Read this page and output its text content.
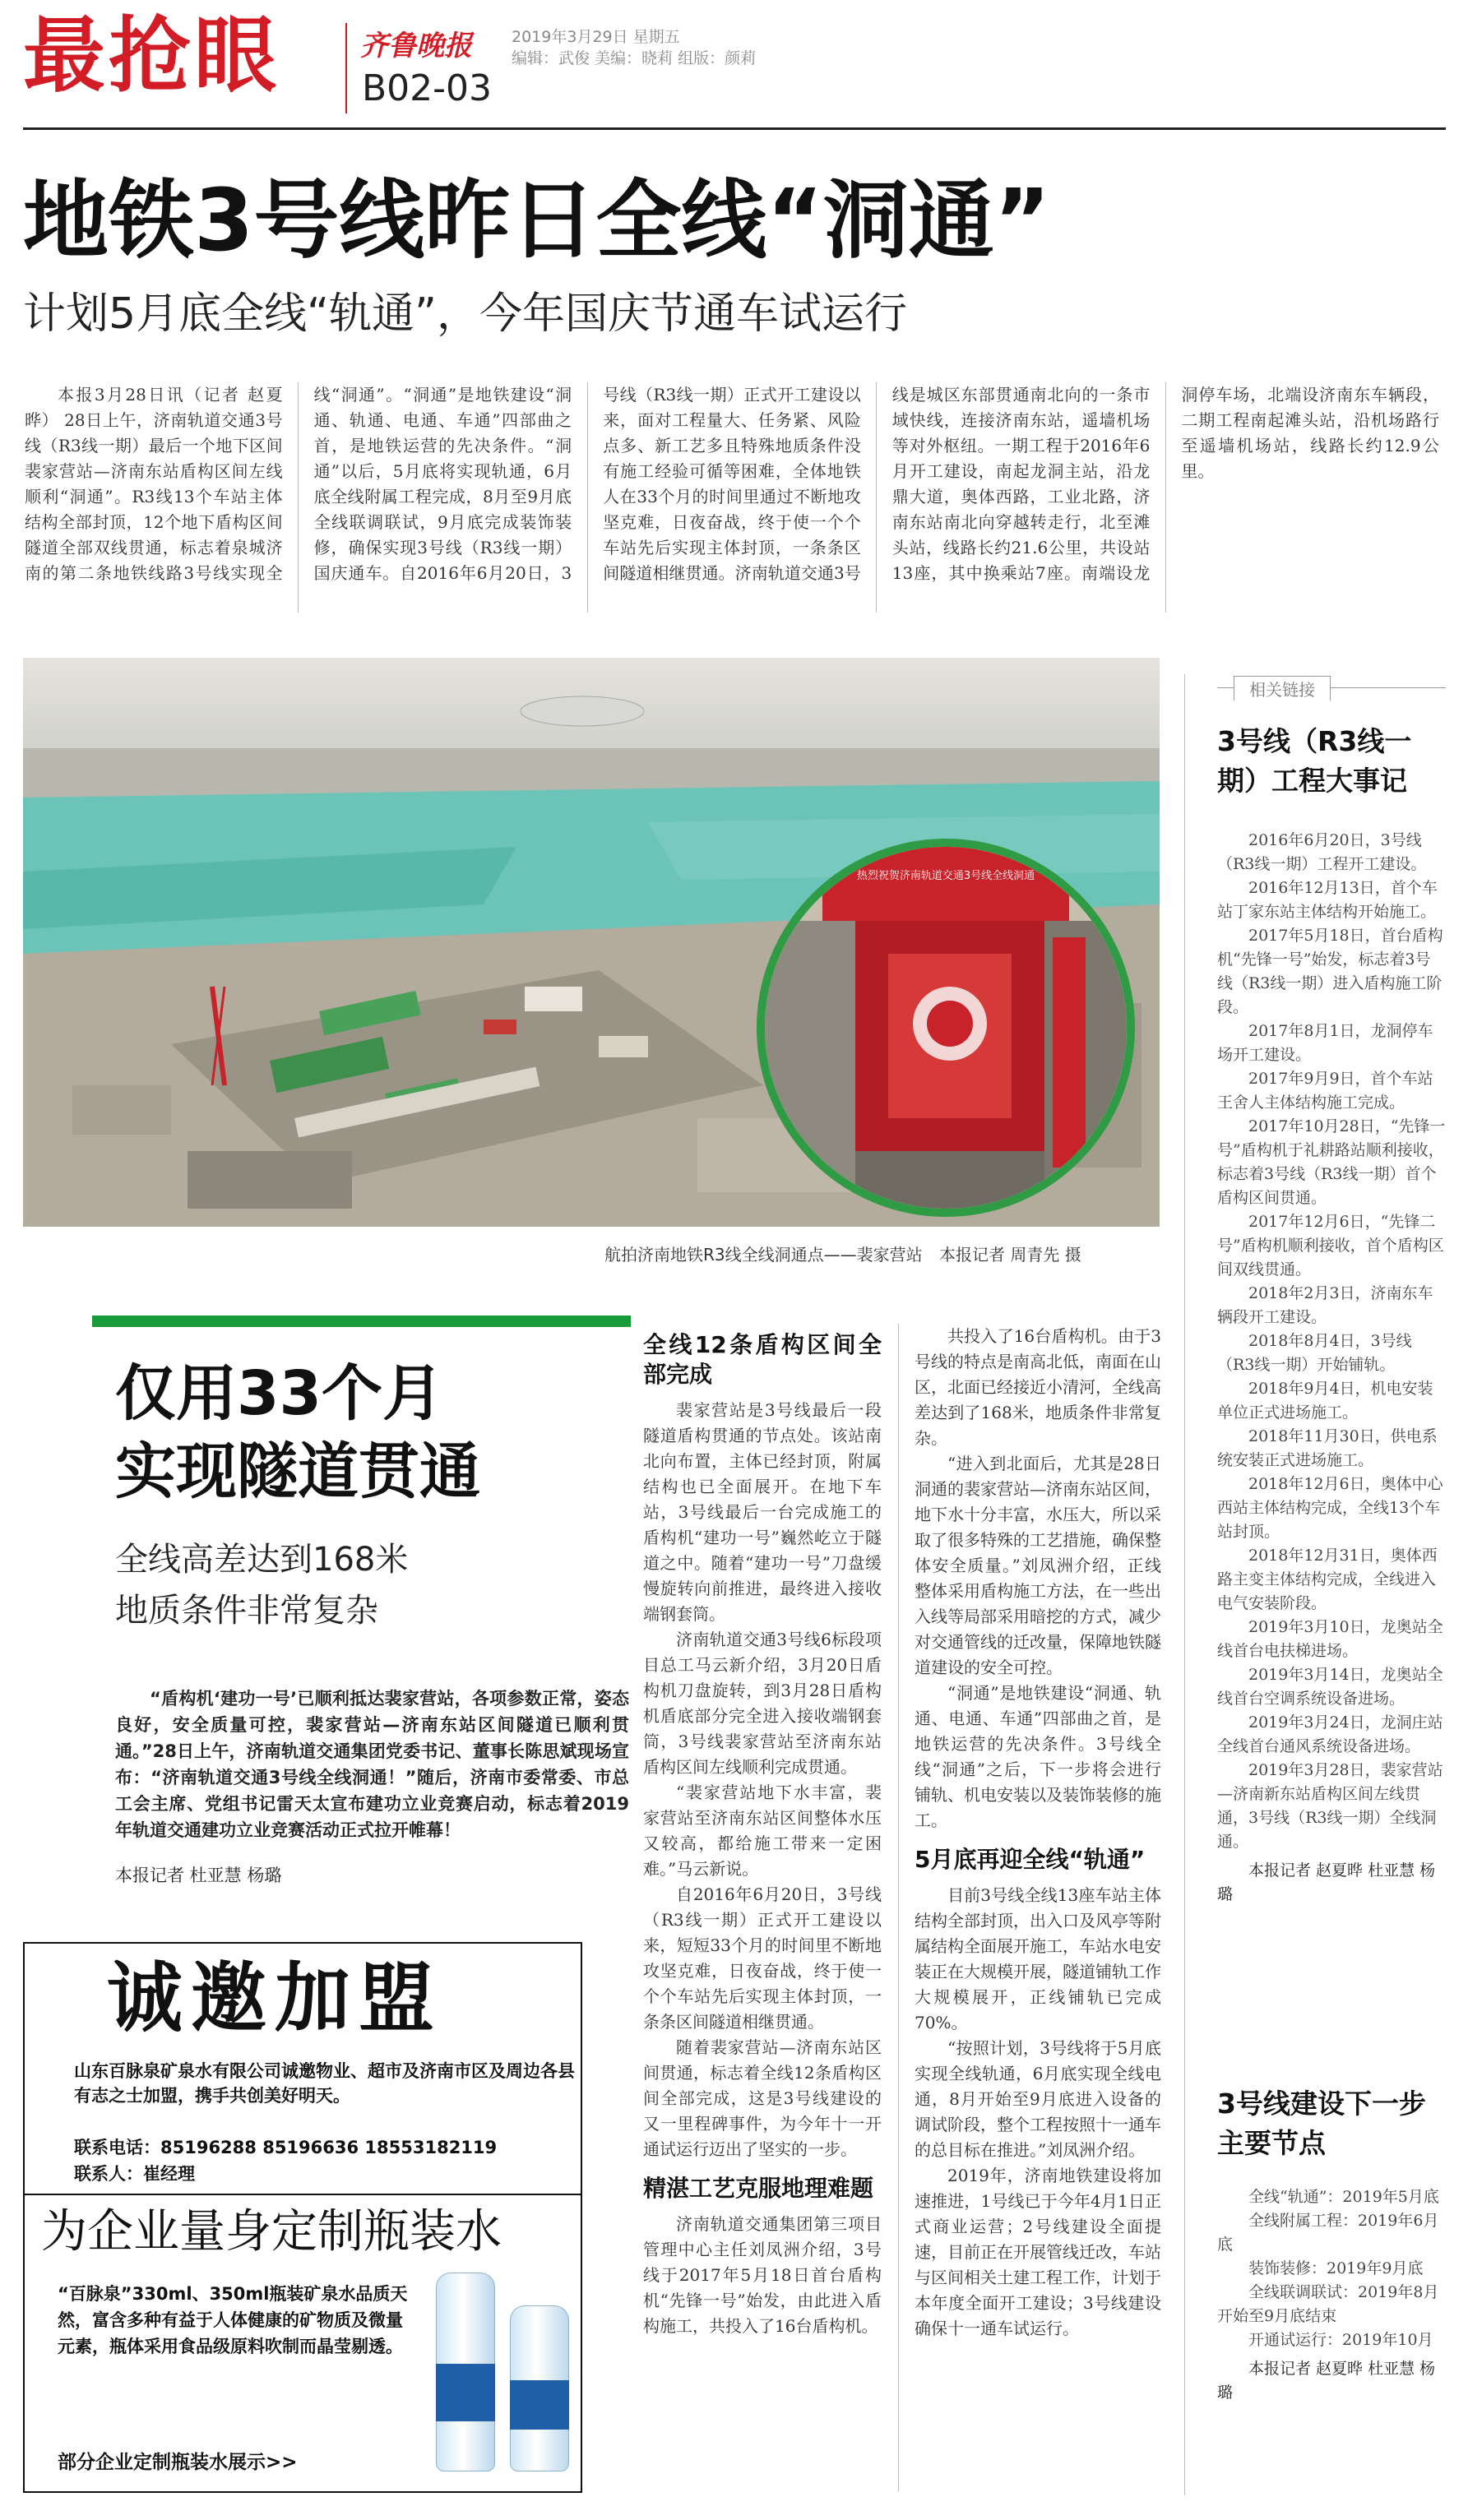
最抢眼	齐鲁晚报
B02-03
2019年3月29日 星期五
编辑：武俊 美编：晓莉 组版：颜莉
地铁3号线昨日全线“洞通”
计划5月底全线“轨通”，今年国庆节通车试运行

本报3月28日讯（记者 赵夏晔） 28日上午，济南轨道交通3号线（R3线一期）最后一个地下区间裴家营站—济南东站盾构区间左线顺利“洞通”。R3线13个车站主体结构全部封顶，12个地下盾构区间隧道全部双线贯通，标志着泉城济南的第二条地铁线路3号线实现全线“洞通”。“洞通”是地铁建设“洞通、轨通、电通、车通”四部曲之首，是地铁运营的先决条件。“洞通”以后，5月底将实现轨通，6月底全线附属工程完成，8月至9月底全线联调联试，9月底完成装饰装修，确保实现3号线（R3线一期）国庆通车。自2016年6月20日，3号线（R3线一期）正式开工建设以来，面对工程量大、任务紧、风险点多、新工艺多且特殊地质条件没有施工经验可循等困难，全体地铁人在33个月的时间里通过不断地攻坚克难，日夜奋战，终于使一个个车站先后实现主体封顶，一条条区间隧道相继贯通。济南轨道交通3号线是城区东部贯通南北向的一条市域快线，连接济南东站，遥墙机场等对外枢纽。一期工程于2016年6月开工建设，南起龙洞主站，沿龙鼎大道，奥体西路，工业北路，济南东站南北向穿越转走行，北至滩头站，线路长约21.6公里，共设站13座，其中换乘站7座。南端设龙洞停车场，北端设济南东车辆段，二期工程南起滩头站，沿机场路行至遥墙机场站，线路长约12.9公里。

热烈祝贺济南轨道交通3号线全线洞通
航拍济南地铁R3线全线洞通点——裴家营站 本报记者 周青先 摄
相关链接
3号线（R3线一期）工程大事记

2016年6月20日，3号线（R3线一期）工程开工建设。

2016年12月13日，首个车站丁家东站主体结构开始施工。

2017年5月18日，首台盾构机“先锋一号”始发，标志着3号线（R3线一期）进入盾构施工阶段。

2017年8月1日，龙洞停车场开工建设。

2017年9月9日，首个车站王舍人主体结构施工完成。

2017年10月28日，“先锋一号”盾构机于礼耕路站顺利接收，标志着3号线（R3线一期）首个盾构区间贯通。

2017年12月6日，“先锋二号”盾构机顺利接收，首个盾构区间双线贯通。

2018年2月3日，济南东车辆段开工建设。

2018年8月4日，3号线（R3线一期）开始铺轨。

2018年9月4日，机电安装单位正式进场施工。

2018年11月30日，供电系统安装正式进场施工。

2018年12月6日，奥体中心西站主体结构完成，全线13个车站封顶。

2018年12月31日，奥体西路主变主体结构完成，全线进入电气安装阶段。

2019年3月10日，龙奥站全线首台电扶梯进场。

2019年3月14日，龙奥站全线首台空调系统设备进场。

2019年3月24日，龙洞庄站全线首台通风系统设备进场。

2019年3月28日，裴家营站—济南新东站盾构区间左线贯通，3号线（R3线一期）全线洞通。

本报记者 赵夏晔 杜亚慧 杨璐

3号线建设下一步主要节点

全线“轨通”：2019年5月底

全线附属工程：2019年6月底

装饰装修：2019年9月底

全线联调联试：2019年8月开始至9月底结束

开通试运行：2019年10月

本报记者 赵夏晔 杜亚慧 杨璐

仅用33个月
实现隧道贯通
全线高差达到168米
地质条件非常复杂

“盾构机‘建功一号’已顺利抵达裴家营站，各项参数正常，姿态良好，安全质量可控，裴家营站—济南东站区间隧道已顺利贯通。”28日上午，济南轨道交通集团党委书记、董事长陈思斌现场宣布：“济南轨道交通3号线全线洞通！”随后，济南市委常委、市总工会主席、党组书记雷天太宣布建功立业竞赛启动，标志着2019年轨道交通建功立业竞赛活动正式拉开帷幕！

本报记者 杜亚慧 杨璐
诚邀加盟
山东百脉泉矿泉水有限公司诚邀物业、超市及济南市区及周边各县有志之士加盟，携手共创美好明天。
联系电话：85196288 85196636 18553182119
联系人：崔经理
为企业量身定制瓶装水
“百脉泉”330ml、350ml瓶装矿泉水品质天然，富含多种有益于人体健康的矿物质及微量元素，瓶体采用食品级原料吹制而晶莹剔透。
部分企业定制瓶装水展示>>
全线12条盾构区间全部完成

裴家营站是3号线最后一段隧道盾构贯通的节点处。该站南北向布置，主体已经封顶，附属结构也已全面展开。在地下车站，3号线最后一台完成施工的盾构机“建功一号”巍然屹立于隧道之中。随着“建功一号”刀盘缓慢旋转向前推进，最终进入接收端钢套筒。

济南轨道交通3号线6标段项目总工马云新介绍，3月20日盾构机刀盘旋转，到3月28日盾构机盾底部分完全进入接收端钢套筒，3号线裴家营站至济南东站盾构区间左线顺利完成贯通。

“裴家营站地下水丰富，裴家营站至济南东站区间整体水压又较高，都给施工带来一定困难。”马云新说。

自2016年6月20日，3号线（R3线一期）正式开工建设以来，短短33个月的时间里不断地攻坚克难，日夜奋战，终于使一个个车站先后实现主体封顶，一条条区间隧道相继贯通。

随着裴家营站—济南东站区间贯通，标志着全线12条盾构区间全部完成，这是3号线建设的又一里程碑事件，为今年十一开通试运行迈出了坚实的一步。

精湛工艺克服地理难题

济南轨道交通集团第三项目管理中心主任刘凤洲介绍，3号线于2017年5月18日首台盾构机“先锋一号”始发，由此进入盾构施工，共投入了16台盾构机。

共投入了16台盾构机。由于3号线的特点是南高北低，南面在山区，北面已经接近小清河，全线高差达到了168米，地质条件非常复杂。

“进入到北面后，尤其是28日洞通的裴家营站—济南东站区间，地下水十分丰富，水压大，所以采取了很多特殊的工艺措施，确保整体安全质量。”刘凤洲介绍，正线整体采用盾构施工方法，在一些出入线等局部采用暗挖的方式，减少对交通管线的迁改量，保障地铁隧道建设的安全可控。

“洞通”是地铁建设“洞通、轨通、电通、车通”四部曲之首，是地铁运营的先决条件。3号线全线“洞通”之后，下一步将会进行铺轨、机电安装以及装饰装修的施工。

5月底再迎全线“轨通”

目前3号线全线13座车站主体结构全部封顶，出入口及风亭等附属结构全面展开施工，车站水电安装正在大规模开展，隧道铺轨工作大规模展开，正线铺轨已完成70%。

“按照计划，3号线将于5月底实现全线轨通，6月底实现全线电通，8月开始至9月底进入设备的调试阶段，整个工程按照十一通车的总目标在推进。”刘凤洲介绍。

2019年，济南地铁建设将加速推进，1号线已于今年4月1日正式商业运营；2号线建设全面提速，目前正在开展管线迁改，车站与区间相关土建工程工作，计划于本年度全面开工建设；3号线建设确保十一通车试运行。
